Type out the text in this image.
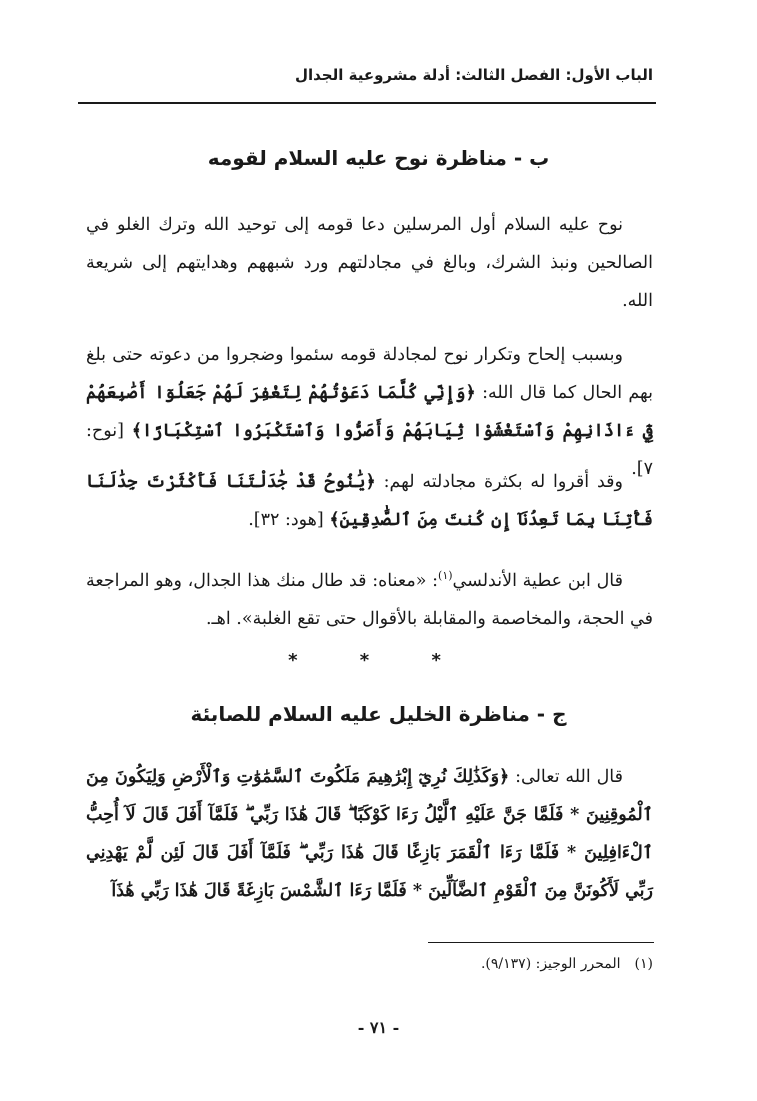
الباب الأول: الفصل الثالث: أدلة مشروعية الجدال
ب - مناظرة نوح عليه السلام لقومه
نوح عليه السلام أول المرسلين دعا قومه إلى توحيد الله وترك الغلو في الصالحين ونبذ الشرك، وبالغ في مجادلتهم ورد شبههم وهدايتهم إلى شريعة الله.
وبسبب إلحاح وتكرار نوح لمجادلة قومه سئموا وضجروا من دعوته حتى بلغ بهم الحال كما قال الله: ﴿وَإِنِّي كُلَّمَا دَعَوْتُهُمْ لِتَغْفِرَ لَهُمْ جَعَلُوٓا أَصَٰبِعَهُمْ فِيٓ ءَاذَانِهِمْ وَٱسْتَغْشَوْا ثِيَابَهُمْ وَأَصَرُّوا وَٱسْتَكْبَرُوا ٱسْتِكْبَارًا﴾ [نوح: ٧].
وقد أقروا له بكثرة مجادلته لهم: ﴿يَٰنُوحُ قَدْ جَٰدَلْتَنَا فَأَكْثَرْتَ جِدَٰلَنَا فَأْتِنَا بِمَا تَعِدُنَآ إِن كُنتَ مِنَ ٱلصَّٰدِقِينَ﴾ [هود: ٣٢].
قال ابن عطية الأندلسي$^{(١)}$: «معناه: قد طال منك هذا الجدال، وهو المراجعة في الحجة، والمخاصمة والمقابلة بالأقوال حتى تقع الغلبة». اهـ.
* * *
ج - مناظرة الخليل عليه السلام للصابئة
قال الله تعالى: ﴿وَكَذَٰلِكَ نُرِيٓ إِبْرَٰهِيمَ مَلَكُوتَ ٱلسَّمَٰوَٰتِ وَٱلْأَرْضِ وَلِيَكُونَ مِنَ ٱلْمُوقِنِينَ * فَلَمَّا جَنَّ عَلَيْهِ ٱلَّيْلُ رَءَا كَوْكَبًا ۖ قَالَ هَٰذَا رَبِّي ۖ فَلَمَّآ أَفَلَ قَالَ لَآ أُحِبُّ ٱلْءَافِلِينَ * فَلَمَّا رَءَا ٱلْقَمَرَ بَازِغًا قَالَ هَٰذَا رَبِّي ۖ فَلَمَّآ أَفَلَ قَالَ لَئِن لَّمْ يَهْدِنِي رَبِّي لَأَكُونَنَّ مِنَ ٱلْقَوْمِ ٱلضَّآلِّينَ * فَلَمَّا رَءَا ٱلشَّمْسَ بَازِغَةً قَالَ هَٰذَا رَبِّي هَٰذَآ
(١)المحرر الوجيز: (٩/١٣٧).
- ٧١ -
